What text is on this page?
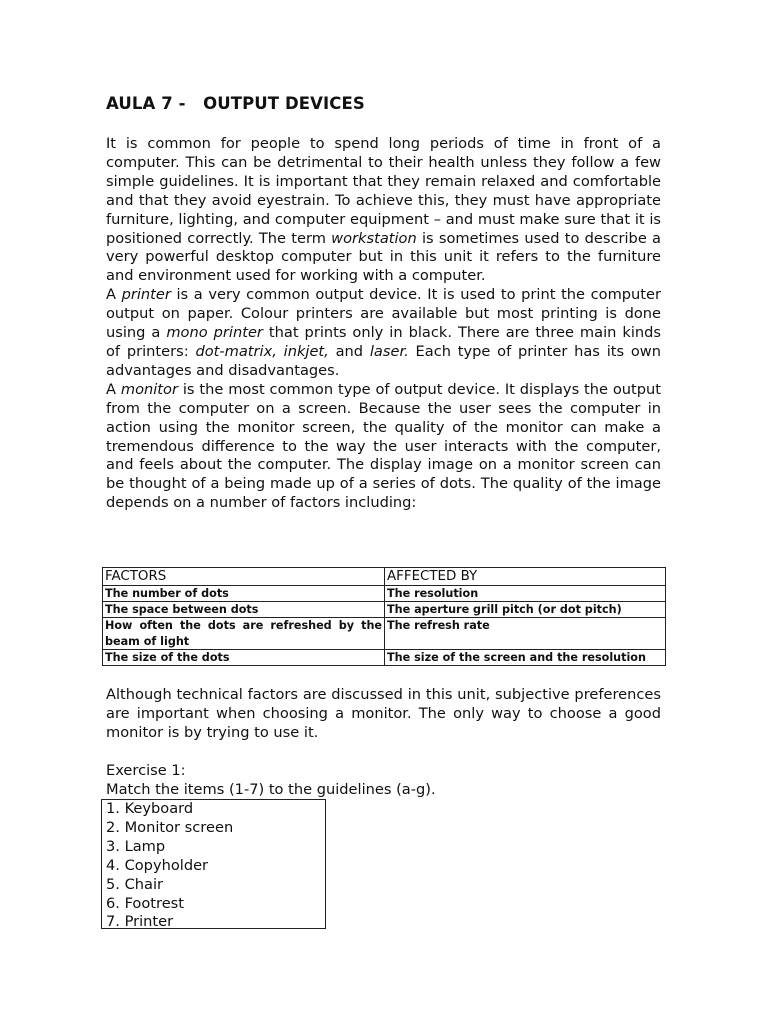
AULA 7 -   OUTPUT DEVICES

It is common for people to spend long periods of time in front of a computer. This can be detrimental to their health unless they follow a few simple guidelines. It is important that they remain relaxed and comfortable and that they avoid eyestrain. To achieve this, they must have appropriate furniture, lighting, and computer equipment – and must make sure that it is positioned correctly. The term workstation is sometimes used to describe a very powerful desktop computer but in this unit it refers to the furniture and environment used for working with a computer.

A printer is a very common output device. It is used to print the computer output on paper. Colour printers are available but most printing is done using a mono printer that prints only in black. There are three main kinds of printers: dot-matrix, inkjet, and laser. Each type of printer has its own advantages and disadvantages.

A monitor is the most common type of output device. It displays the output from the computer on a screen. Because the user sees the computer in action using the monitor screen, the quality of the monitor can make a tremendous difference to the way the user interacts with the computer, and feels about the computer. The display image on a monitor screen can be thought of a being made up of a series of dots. The quality of the image depends on a number of factors including:

FACTORS	AFFECTED BY
The number of dots	The resolution
The space between dots	The aperture grill pitch (or dot pitch)
How often the dots are refreshed by the beam of light	The refresh rate
The size of the dots	The size of the screen and the resolution

Although technical factors are discussed in this unit, subjective preferences are important when choosing a monitor. The only way to choose a good monitor is by trying to use it.

Exercise 1:
Match the items (1-7) to the guidelines (a-g).
1. Keyboard
2. Monitor screen
3. Lamp
4. Copyholder
5. Chair
6. Footrest
7. Printer
